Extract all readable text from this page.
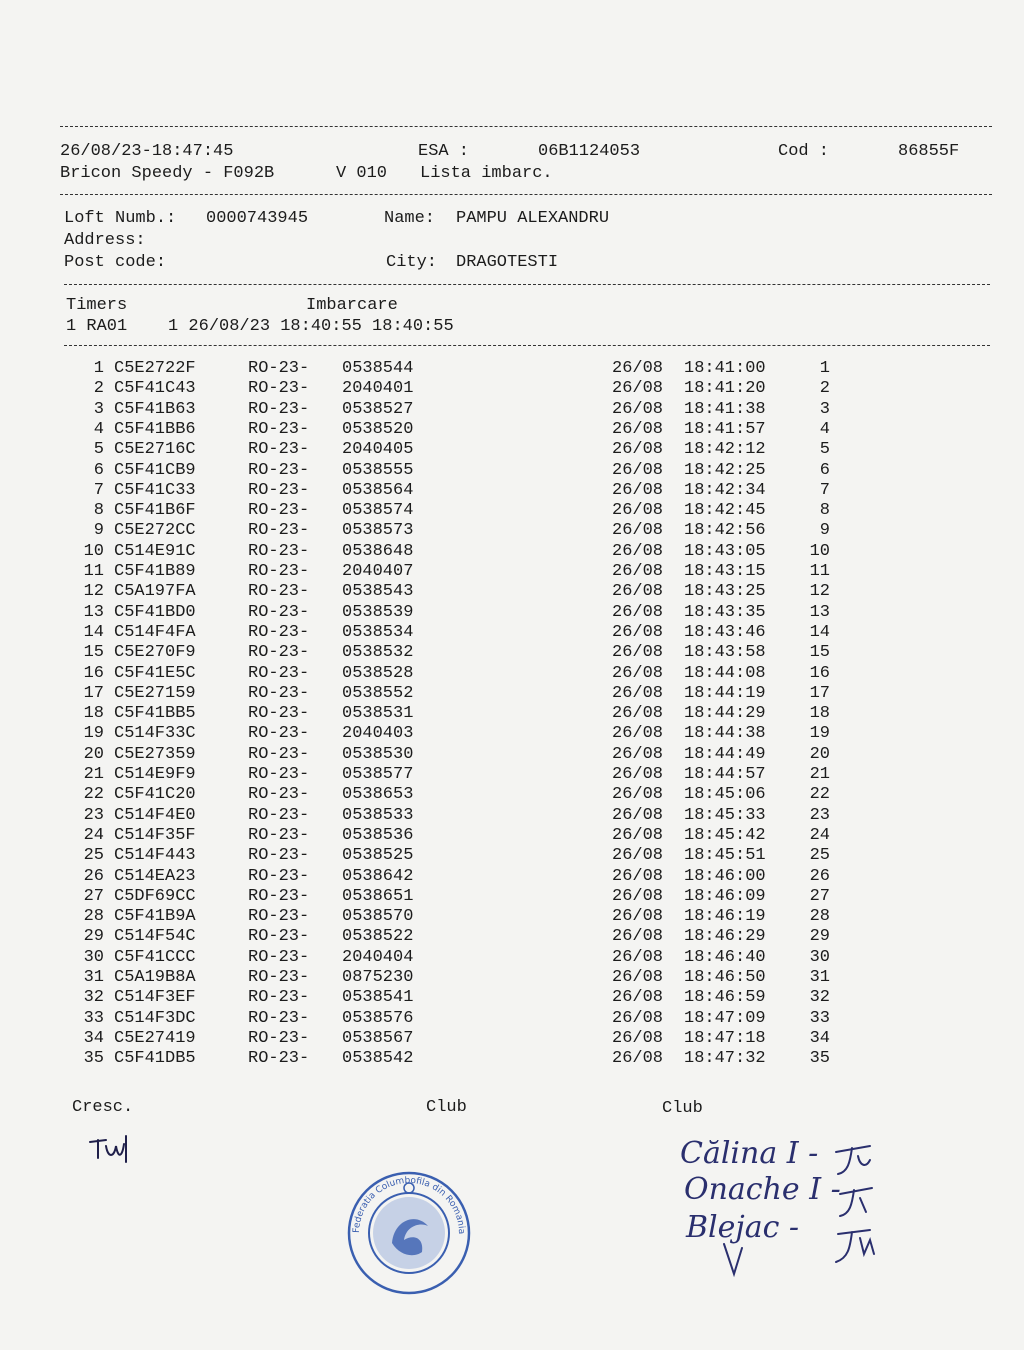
26/08/23-18:47:45	ESA :	06B1124053	Cod :	86855F
Bricon Speedy - F092B	V 010 Lista imbarc.
Loft Numb.: 0000743945	Name: PAMPU ALEXANDRU
Address:
Post code:	City: DRAGOTESTI
Timers	Imbarcare
1 RA01    1 26/08/23 18:40:55 18:40:55
1 C5E2722F	RO-23- 0538544	26/08 18:41:00	1
2 C5F41C43	RO-23- 2040401	26/08 18:41:20	2
3 C5F41B63	RO-23- 0538527	26/08 18:41:38	3
4 C5F41BB6	RO-23- 0538520	26/08 18:41:57	4
5 C5E2716C	RO-23- 2040405	26/08 18:42:12	5
6 C5F41CB9	RO-23- 0538555	26/08 18:42:25	6
7 C5F41C33	RO-23- 0538564	26/08 18:42:34	7
8 C5F41B6F	RO-23- 0538574	26/08 18:42:45	8
9 C5E272CC	RO-23- 0538573	26/08 18:42:56	9
10 C514E91C	RO-23- 0538648	26/08 18:43:05	10
11 C5F41B89	RO-23- 2040407	26/08 18:43:15	11
12 C5A197FA	RO-23- 0538543	26/08 18:43:25	12
13 C5F41BD0	RO-23- 0538539	26/08 18:43:35	13
14 C514F4FA	RO-23- 0538534	26/08 18:43:46	14
15 C5E270F9	RO-23- 0538532	26/08 18:43:58	15
16 C5F41E5C	RO-23- 0538528	26/08 18:44:08	16
17 C5E27159	RO-23- 0538552	26/08 18:44:19	17
18 C5F41BB5	RO-23- 0538531	26/08 18:44:29	18
19 C514F33C	RO-23- 2040403	26/08 18:44:38	19
20 C5E27359	RO-23- 0538530	26/08 18:44:49	20
21 C514E9F9	RO-23- 0538577	26/08 18:44:57	21
22 C5F41C20	RO-23- 0538653	26/08 18:45:06	22
23 C514F4E0	RO-23- 0538533	26/08 18:45:33	23
24 C514F35F	RO-23- 0538536	26/08 18:45:42	24
25 C514F443	RO-23- 0538525	26/08 18:45:51	25
26 C514EA23	RO-23- 0538642	26/08 18:46:00	26
27 C5DF69CC	RO-23- 0538651	26/08 18:46:09	27
28 C5F41B9A	RO-23- 0538570	26/08 18:46:19	28
29 C514F54C	RO-23- 0538522	26/08 18:46:29	29
30 C5F41CCC	RO-23- 2040404	26/08 18:46:40	30
31 C5A19B8A	RO-23- 0875230	26/08 18:46:50	31
32 C514F3EF	RO-23- 0538541	26/08 18:46:59	32
33 C514F3DC	RO-23- 0538576	26/08 18:47:09	33
34 C5E27419	RO-23- 0538567	26/08 18:47:18	34
35 C5F41DB5	RO-23- 0538542	26/08 18:47:32	35
Cresc.	Club	Club
Federatia Columbofila din Romania
Călina I -
Onache I -
Blejac -
